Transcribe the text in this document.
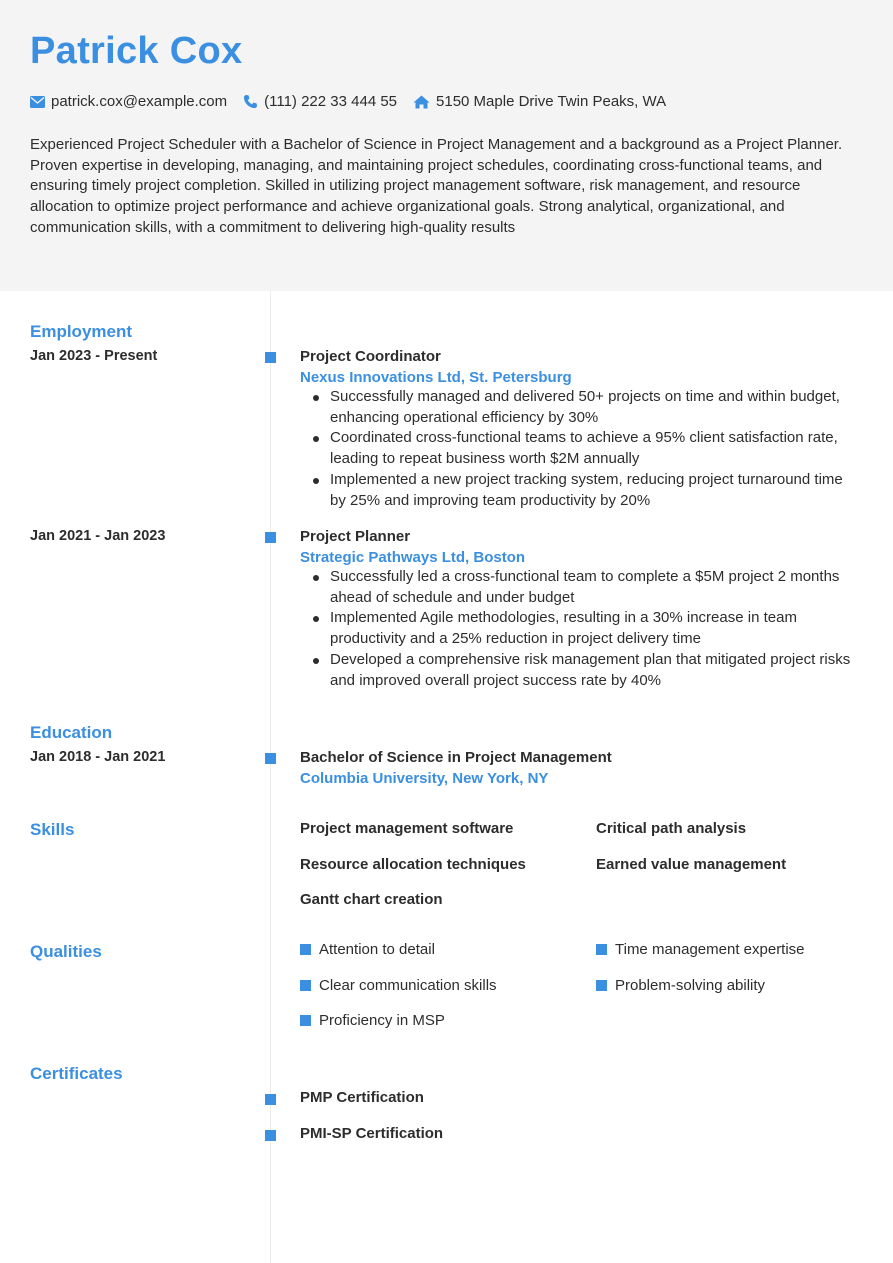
Patrick Cox
patrick.cox@example.com (111) 222 33 444 55	5150 Maple Drive Twin Peaks, WA
Experienced Project Scheduler with a Bachelor of Science in Project Management and a background as a Project Planner. Proven expertise in developing, managing, and maintaining project schedules, coordinating cross-functional teams, and ensuring timely project completion. Skilled in utilizing project management software, risk management, and resource allocation to optimize project performance and achieve organizational goals. Strong analytical, organizational, and communication skills, with a commitment to delivering high-quality results
Employment
Jan 2023 - Present	Project Coordinator
Nexus Innovations Ltd, St. Petersburg
Successfully managed and delivered 50+ projects on time and within budget, enhancing operational efficiency by 30%
Coordinated cross-functional teams to achieve a 95% client satisfaction rate, leading to repeat business worth $2M annually
Implemented a new project tracking system, reducing project turnaround time by 25% and improving team productivity by 20%
Jan 2021 - Jan 2023	Project Planner
Strategic Pathways Ltd, Boston
Successfully led a cross-functional team to complete a $5M project 2 months ahead of schedule and under budget
Implemented Agile methodologies, resulting in a 30% increase in team productivity and a 25% reduction in project delivery time
Developed a comprehensive risk management plan that mitigated project risks and improved overall project success rate by 40%
Education
Jan 2018 - Jan 2021	Bachelor of Science in Project Management
Columbia University, New York, NY
Skills	Project management software	Critical path analysis
Resource allocation techniques	Earned value management
Gantt chart creation
Qualities	Attention to detail	Time management expertise
Clear communication skills	Problem-solving ability
Proficiency in MSP
Certificates
PMP Certification
PMI-SP Certification
